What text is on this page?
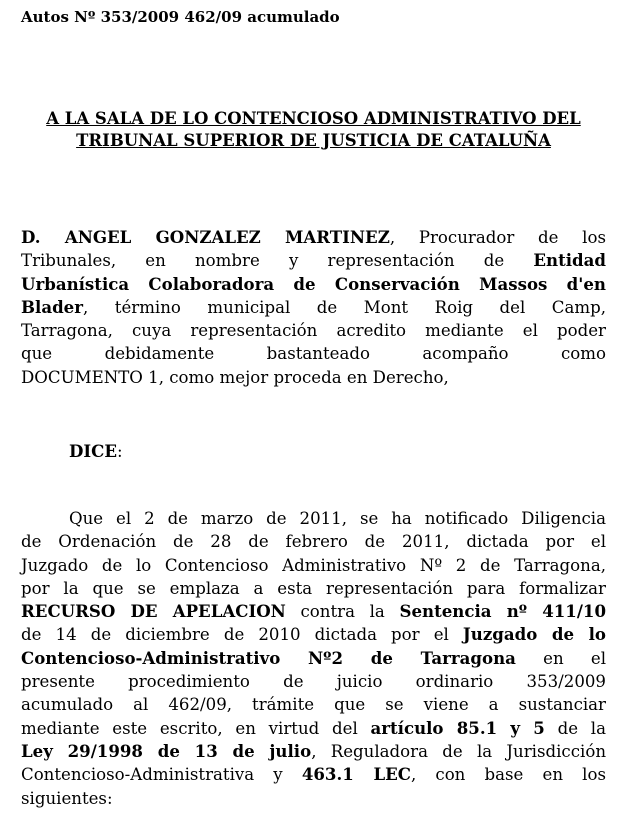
Autos Nº 353/2009 462/09 acumulado
A LA SALA DE LO CONTENCIOSO ADMINISTRATIVO DEL
TRIBUNAL SUPERIOR DE JUSTICIA DE CATALUÑA
D. ANGEL GONZALEZ MARTINEZ, Procurador de los
Tribunales, en nombre y representación de Entidad
Urbanística Colaboradora de Conservación Massos d'en
Blader, término municipal de Mont Roig del Camp,
Tarragona, cuya representación acredito mediante el poder
que debidamente bastanteado acompaño como
DOCUMENTO 1, como mejor proceda en Derecho,
DICE:
Que el 2 de marzo de 2011, se ha notificado Diligencia
de Ordenación de 28 de febrero de 2011, dictada por el
Juzgado de lo Contencioso Administrativo Nº 2 de Tarragona,
por la que se emplaza a esta representación para formalizar
RECURSO DE APELACION contra la Sentencia nº 411/10
de 14 de diciembre de 2010 dictada por el Juzgado de lo
Contencioso-Administrativo Nº2 de Tarragona en el
presente procedimiento de juicio ordinario 353/2009
acumulado al 462/09, trámite que se viene a sustanciar
mediante este escrito, en virtud del artículo 85.1 y 5 de la
Ley 29/1998 de 13 de julio, Reguladora de la Jurisdicción
Contencioso-Administrativa y 463.1 LEC, con base en los
siguientes:
